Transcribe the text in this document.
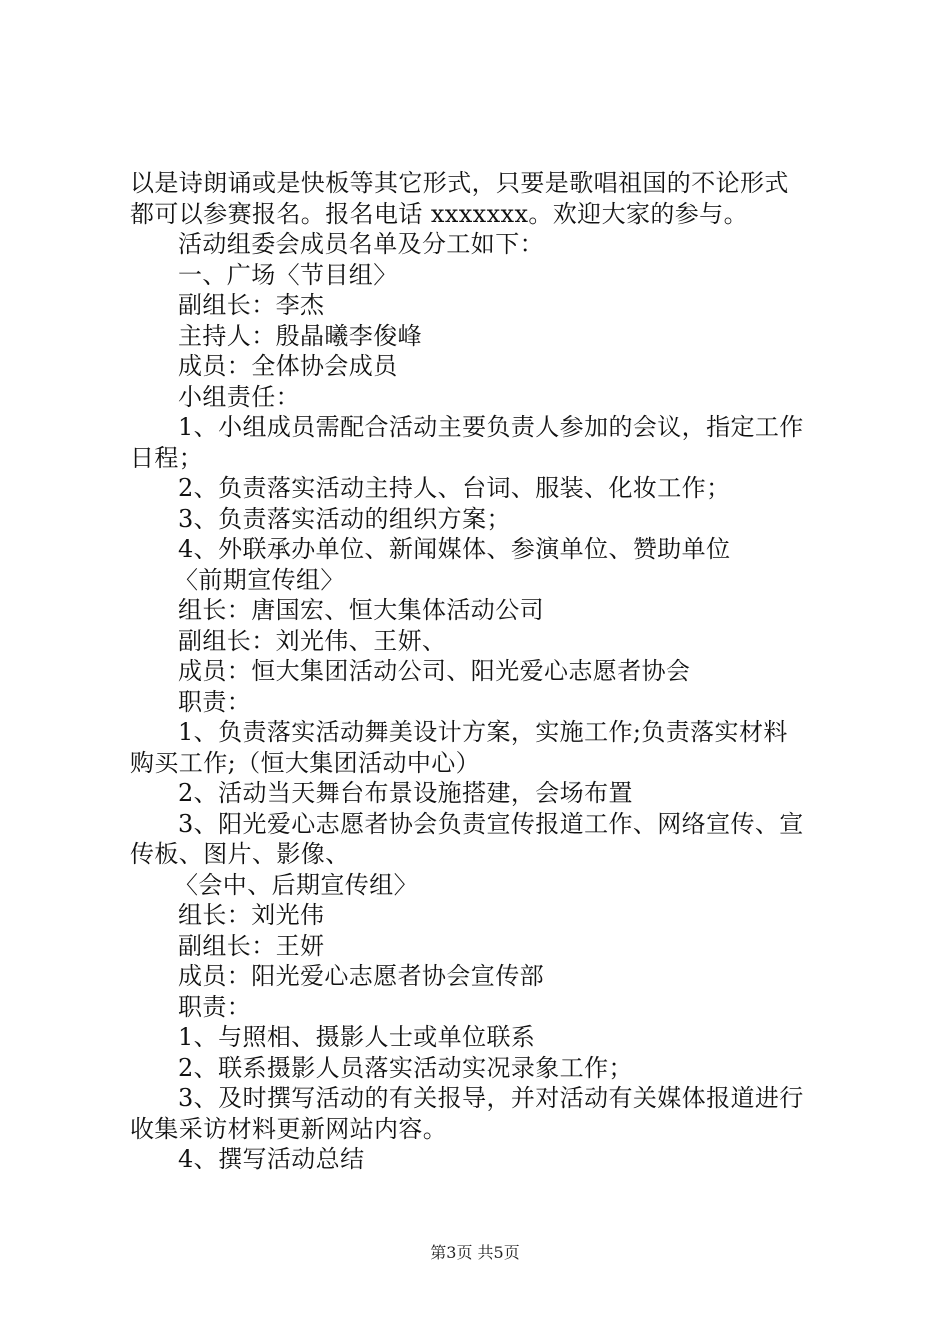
以是诗朗诵或是快板等其它形式，只要是歌唱祖国的不论形式
都可以参赛报名。报名电话 xxxxxxx。欢迎大家的参与。
活动组委会成员名单及分工如下：
一、广场〈节目组〉
副组长：李杰
主持人：殷晶曦李俊峰
成员：全体协会成员
小组责任：
1、小组成员需配合活动主要负责人参加的会议，指定工作
日程；
2、负责落实活动主持人、台词、服装、化妆工作；
3、负责落实活动的组织方案；
4、外联承办单位、新闻媒体、参演单位、赞助单位
〈前期宣传组〉
组长：唐国宏、恒大集体活动公司
副组长：刘光伟、王妍、
成员：恒大集团活动公司、阳光爱心志愿者协会
职责：
1、负责落实活动舞美设计方案，实施工作;负责落实材料
购买工作;（恒大集团活动中心）
2、活动当天舞台布景设施搭建，会场布置
3、阳光爱心志愿者协会负责宣传报道工作、网络宣传、宣
传板、图片、影像、
〈会中、后期宣传组〉
组长：刘光伟
副组长：王妍
成员：阳光爱心志愿者协会宣传部
职责：
1、与照相、摄影人士或单位联系
2、联系摄影人员落实活动实况录象工作；
3、及时撰写活动的有关报导，并对活动有关媒体报道进行
收集采访材料更新网站内容。
4、撰写活动总结
第3页 共5页
